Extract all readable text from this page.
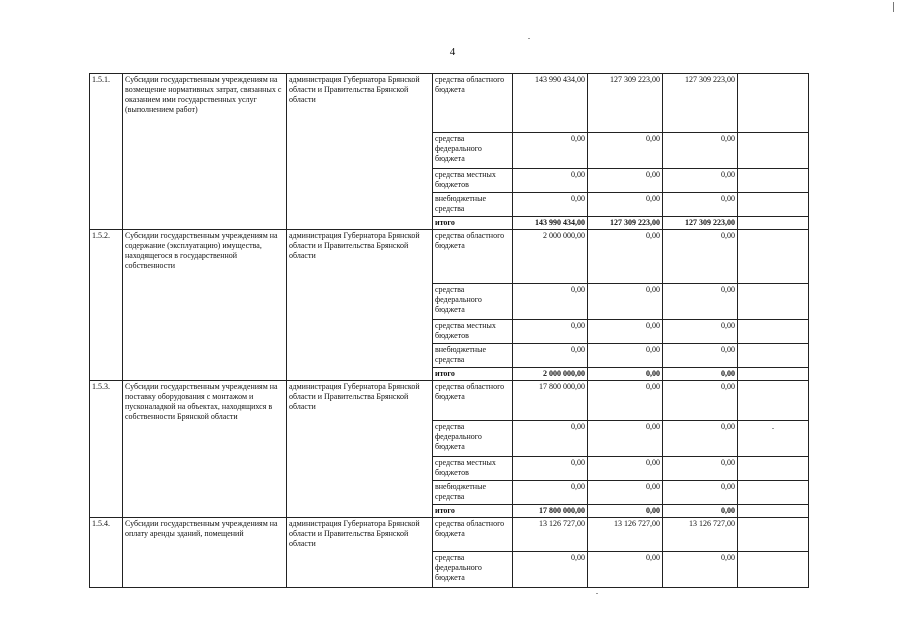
4
1.5.1.	Субсидии государственным учреждениям на возмещение нормативных затрат, связанных с оказанием ими государственных услуг (выполнением работ)	администрация Губернатора Брянской области и Правительства Брянской области	средства областного бюджета	143 990 434,00	127 309 223,00	127 309 223,00	
			средства федерального бюджета	0,00	0,00	0,00	
			средства местных бюджетов	0,00	0,00	0,00	
			внебюджетные средства	0,00	0,00	0,00	
			итого	143 990 434,00	127 309 223,00	127 309 223,00	
1.5.2.	Субсидии государственным учреждениям на содержание (эксплуатацию) имущества, находящегося в государственной собственности	администрация Губернатора Брянской области и Правительства Брянской области	средства областного бюджета	2 000 000,00	0,00	0,00	
			средства федерального бюджета	0,00	0,00	0,00	
			средства местных бюджетов	0,00	0,00	0,00	
			внебюджетные средства	0,00	0,00	0,00	
			итого	2 000 000,00	0,00	0,00	
1.5.3.	Субсидии государственным учреждениям на поставку оборудования с монтажом и пусконаладкой на объектах, находящихся в собственности Брянской области	администрация Губернатора Брянской области и Правительства Брянской области	средства областного бюджета	17 800 000,00	0,00	0,00	
			средства федерального бюджета	0,00	0,00	0,00	
			средства местных бюджетов	0,00	0,00	0,00	
			внебюджетные средства	0,00	0,00	0,00	
			итого	17 800 000,00	0,00	0,00	
1.5.4.	Субсидии государственным учреждениям на оплату аренды зданий, помещений	администрация Губернатора Брянской области и Правительства Брянской области	средства областного бюджета	13 126 727,00	13 126 727,00	13 126 727,00	
			средства федерального бюджета	0,00	0,00	0,00	
